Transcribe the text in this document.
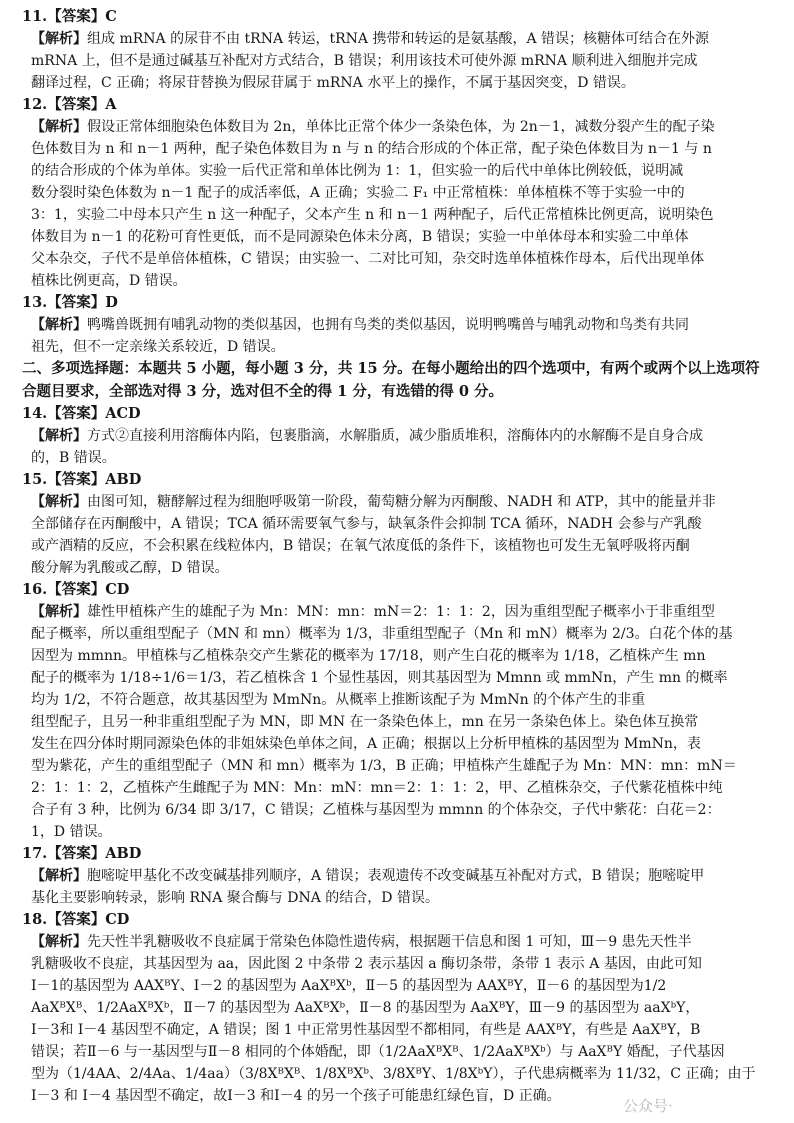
11.【答案】C
【解析】组成 mRNA 的尿苷不由 tRNA 转运，tRNA 携带和转运的是氨基酸，A 错误；核糖体可结合在外源
mRNA 上，但不是通过碱基互补配对方式结合，B 错误；利用该技术可使外源 mRNA 顺利进入细胞并完成
翻译过程，C 正确；将尿苷替换为假尿苷属于 mRNA 水平上的操作，不属于基因突变，D 错误。
12.【答案】A
【解析】假设正常体细胞染色体数目为 2n，单体比正常个体少一条染色体，为 2n－1，减数分裂产生的配子染
色体数目为 n 和 n－1 两种，配子染色体数目为 n 与 n 的结合形成的个体正常，配子染色体数目为 n－1 与 n
的结合形成的个体为单体。实验一后代正常和单体比例为 1：1，但实验一的后代中单体比例较低，说明减
数分裂时染色体数为 n－1 配子的成活率低，A 正确；实验二 F₁ 中正常植株：单体植株不等于实验一中的
3：1，实验二中母本只产生 n 这一种配子，父本产生 n 和 n－1 两种配子，后代正常植株比例更高，说明染色
体数目为 n－1 的花粉可育性更低，而不是同源染色体未分离，B 错误；实验一中单体母本和实验二中单体
父本杂交，子代不是单倍体植株，C 错误；由实验一、二对比可知，杂交时选单体植株作母本，后代出现单体
植株比例更高，D 错误。
13.【答案】D
【解析】鸭嘴兽既拥有哺乳动物的类似基因，也拥有鸟类的类似基因，说明鸭嘴兽与哺乳动物和鸟类有共同
祖先，但不一定亲缘关系较近，D 错误。
二、多项选择题：本题共 5 小题，每小题 3 分，共 15 分。在每小题给出的四个选项中，有两个或两个以上选项符
合题目要求，全部选对得 3 分，选对但不全的得 1 分，有选错的得 0 分。
14.【答案】ACD
【解析】方式②直接利用溶酶体内陷，包裹脂滴，水解脂质，减少脂质堆积，溶酶体内的水解酶不是自身合成
的，B 错误。
15.【答案】ABD
【解析】由图可知，糖酵解过程为细胞呼吸第一阶段，葡萄糖分解为丙酮酸、NADH 和 ATP，其中的能量并非
全部储存在丙酮酸中，A 错误；TCA 循环需要氧气参与，缺氧条件会抑制 TCA 循环，NADH 会参与产乳酸
或产酒精的反应，不会积累在线粒体内，B 错误；在氧气浓度低的条件下，该植物也可发生无氧呼吸将丙酮
酸分解为乳酸或乙醇，D 错误。
16.【答案】CD
【解析】雄性甲植株产生的雄配子为 Mn：MN：mn：mN＝2：1：1：2，因为重组型配子概率小于非重组型
配子概率，所以重组型配子（MN 和 mn）概率为 1/3，非重组型配子（Mn 和 mN）概率为 2/3。白花个体的基
因型为 mmnn。甲植株与乙植株杂交产生紫花的概率为 17/18，则产生白花的概率为 1/18，乙植株产生 mn
配子的概率为 1/18÷1/6＝1/3，若乙植株含 1 个显性基因，则其基因型为 Mmnn 或 mmNn，产生 mn 的概率
均为 1/2，不符合题意，故其基因型为 MmNn。从概率上推断该配子为 MmNn 的个体产生的非重
组型配子，且另一种非重组型配子为 MN，即 MN 在一条染色体上，mn 在另一条染色体上。染色体互换常
发生在四分体时期同源染色体的非姐妹染色单体之间，A 正确；根据以上分析甲植株的基因型为 MmNn，表
型为紫花，产生的重组型配子（MN 和 mn）概率为 1/3，B 正确；甲植株产生雄配子为 Mn：MN：mn：mN＝
2：1：1：2，乙植株产生雌配子为 MN：Mn：mN：mn＝2：1：1：2，甲、乙植株杂交，子代紫花植株中纯
合子有 3 种，比例为 6/34 即 3/17，C 错误；乙植株与基因型为 mmnn 的个体杂交，子代中紫花：白花＝2：
1，D 错误。
17.【答案】ABD
【解析】胞嘧啶甲基化不改变碱基排列顺序，A 错误；表观遗传不改变碱基互补配对方式，B 错误；胞嘧啶甲
基化主要影响转录，影响 RNA 聚合酶与 DNA 的结合，D 错误。
18.【答案】CD
【解析】先天性半乳糖吸收不良症属于常染色体隐性遗传病，根据题干信息和图 1 可知，Ⅲ－9 患先天性半
乳糖吸收不良症，其基因型为 aa，因此图 2 中条带 2 表示基因 a 酶切条带，条带 1 表示 A 基因，由此可知
Ⅰ－1的基因型为 AAXᴮY、Ⅰ－2 的基因型为 AaXᴮXᵇ，Ⅱ－5 的基因型为 AAXᴮY，Ⅱ－6 的基因型为1/2
AaXᴮXᴮ、1/2AaXᴮXᵇ，Ⅱ－7 的基因型为 AaXᴮXᵇ，Ⅱ－8 的基因型为 AaXᴮY，Ⅲ－9 的基因型为 aaXᵇY，
Ⅰ－3和 Ⅰ－4 基因型不确定，A 错误；图 1 中正常男性基因型不都相同，有些是 AAXᴮY，有些是 AaXᴮY，B
错误；若Ⅱ－6 与一基因型与Ⅱ－8 相同的个体婚配，即（1/2AaXᴮXᴮ、1/2AaXᴮXᵇ）与 AaXᴮY 婚配，子代基因
型为（1/4AA、2/4Aa、1/4aa）（3/8XᴮXᴮ、1/8XᴮXᵇ、3/8XᴮY、1/8XᵇY），子代患病概率为 11/32，C 正确；由于
Ⅰ－3 和 Ⅰ－4 基因型不确定，故Ⅰ－3 和Ⅰ－4 的另一个孩子可能患红绿色盲，D 正确。
公众号·
